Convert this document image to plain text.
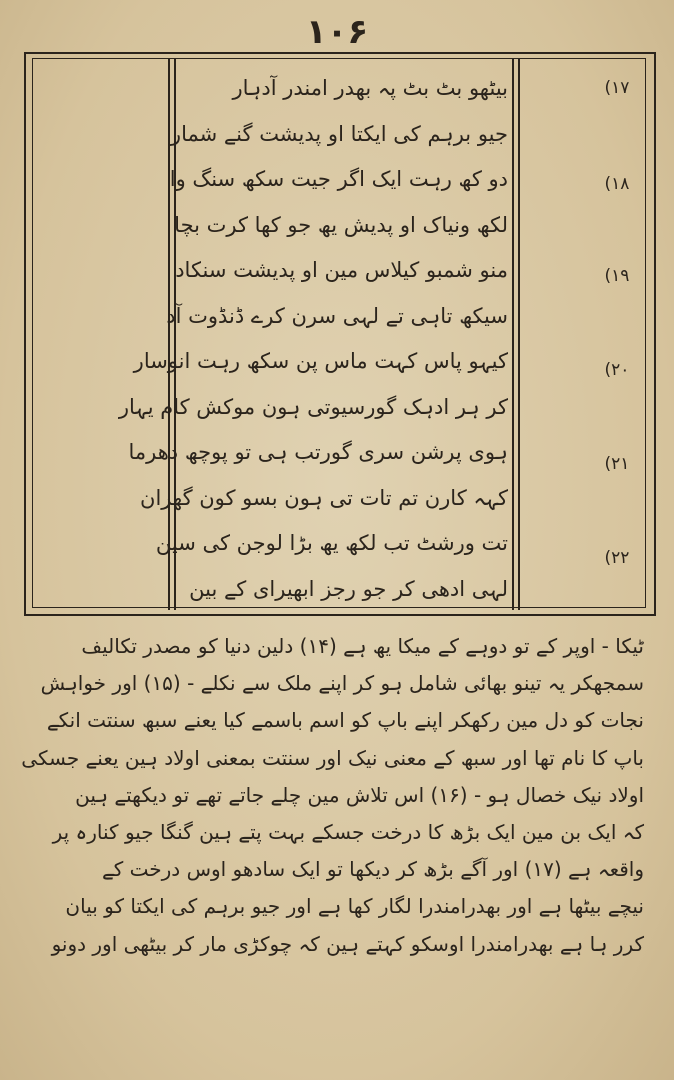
۱۰۶
بیٹھو بٹ بٹ پہ بھدر امندر آدہار
جیو برہم کی ایکتا او پدیشت گنے شمار
دو کھ رہت ایک اگر جیت سکھ سنگ وا
لکھ ونیاک او پدیش یھ جو کھا کرت بچا
منو شمبو کیلاس مین او پدیشت سنکاد
سیکھ تاہی تے لہی سرن کرے ڈنڈوت آد
کیہو پاس کہت ماس پن سکھ رہت انوسار
کر ہر ادہک گورسیوتی ہون موکش کام یہار
ہوی پرشن سری گورتب ہی تو پوچھ دھرما
کہہ کارن تم تات تی ہون بسو کون گھران
تت ورشٹ تب لکھ یھ بڑا لوجن کی سین
لہی ادھی کر جو رجز ابھیرای کے بین
(۱۷
(۱۸
(۱۹
(۲۰
(۲۱
(۲۲
ٹیکا - اوپر کے تو دوہے کے میکا یھ ہے (۱۴) دلین دنیا کو مصدر تکالیف
سمجھکر یہ تینو بھائی شامل ہو کر اپنے ملک سے نکلے - (۱۵) اور خواہش
نجات کو دل مین رکھکر اپنے باپ کو اسم باسمے کیا یعنے سبھ سنتت انکے
باپ کا نام تھا اور سبھ کے معنی نیک اور سنتت بمعنی اولاد ہین یعنے جسکی
اولاد نیک خصال ہو - (۱۶) اس تلاش مین چلے جاتے تھے تو دیکھتے ہین
کہ ایک بن مین ایک بڑھ کا درخت جسکے بہت پتے ہین گنگا جیو کنارہ پر
واقعہ ہے (۱۷) اور آگے بڑھ کر دیکھا تو ایک سادھو اوس درخت کے
نیچے بیٹھا ہے اور بھدرامندرا لگار کھا ہے اور جیو برہم کی ایکتا کو بیان
کرر ہا ہے بھدرامندرا اوسکو کہتے ہین کہ چوکڑی مار کر بیٹھی اور دونو
